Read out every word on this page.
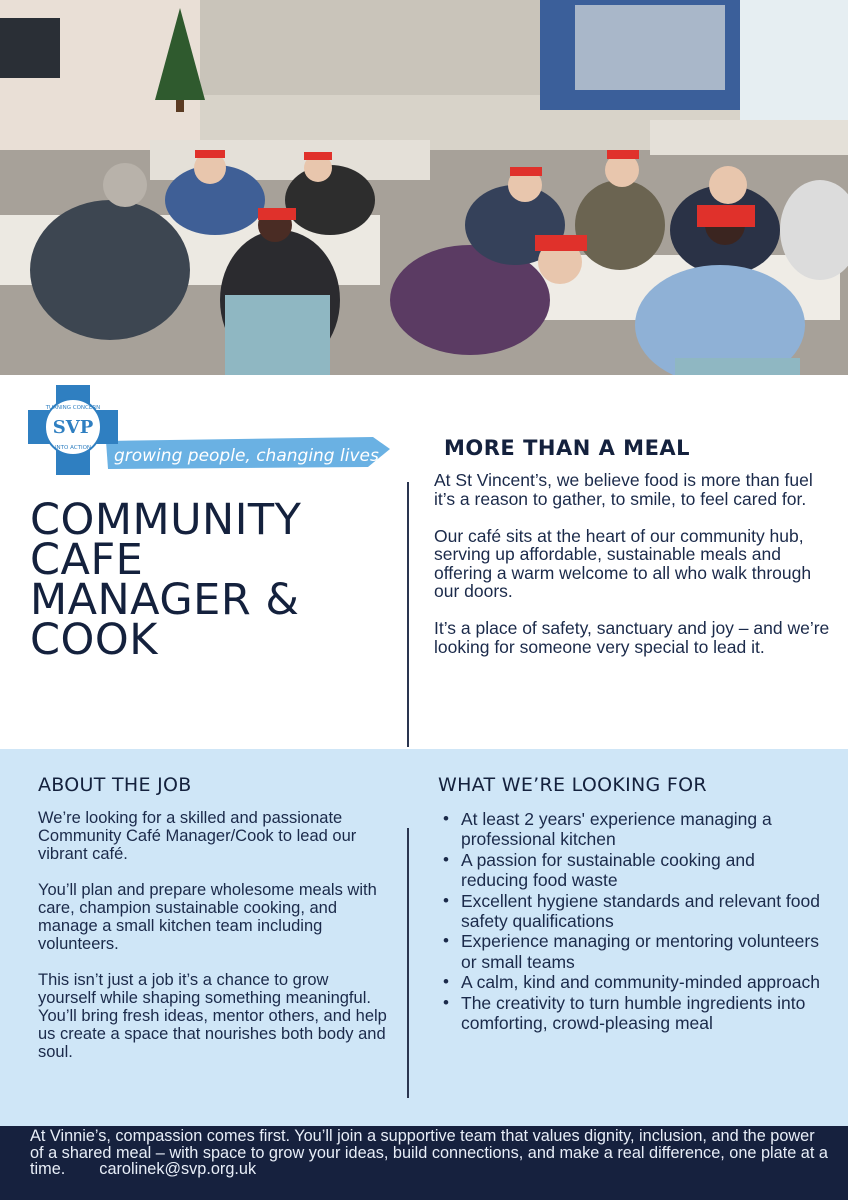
SVP
TURNING CONCERN
INTO ACTION growing people, changing lives
COMMUNITY
CAFE
MANAGER &
COOK
MORE THAN A MEAL

At St Vincent’s, we believe food is more than fuel it’s a reason to gather, to smile, to feel cared for.

Our café sits at the heart of our community hub, serving up affordable, sustainable meals and offering a warm welcome to all who walk through our doors.

It’s a place of safety, sanctuary and joy – and we’re looking for someone very special to lead it.

ABOUT THE JOB

We’re looking for a skilled and passionate Community Café Manager/Cook to lead our vibrant café.

You’ll plan and prepare wholesome meals with care, champion sustainable cooking, and manage a small kitchen team including volunteers.

This isn’t just a job it’s a chance to grow yourself while shaping something meaningful. You’ll bring fresh ideas, mentor others, and help us create a space that nourishes both body and soul.

WHAT WE’RE LOOKING FOR
• At least 2 years' experience managing a professional kitchen
• A passion for sustainable cooking and reducing food waste
• Excellent hygiene standards and relevant food safety qualifications
• Experience managing or mentoring volunteers or small teams
• A calm, kind and community-minded approach
• The creativity to turn humble ingredients into comforting, crowd-pleasing meal
At Vinnie’s, compassion comes first. You’ll join a supportive team that values dignity, inclusion, and the power of a shared meal – with space to grow your ideas, build connections, and make a real difference, one plate at a time. carolinek@svp.org.uk
